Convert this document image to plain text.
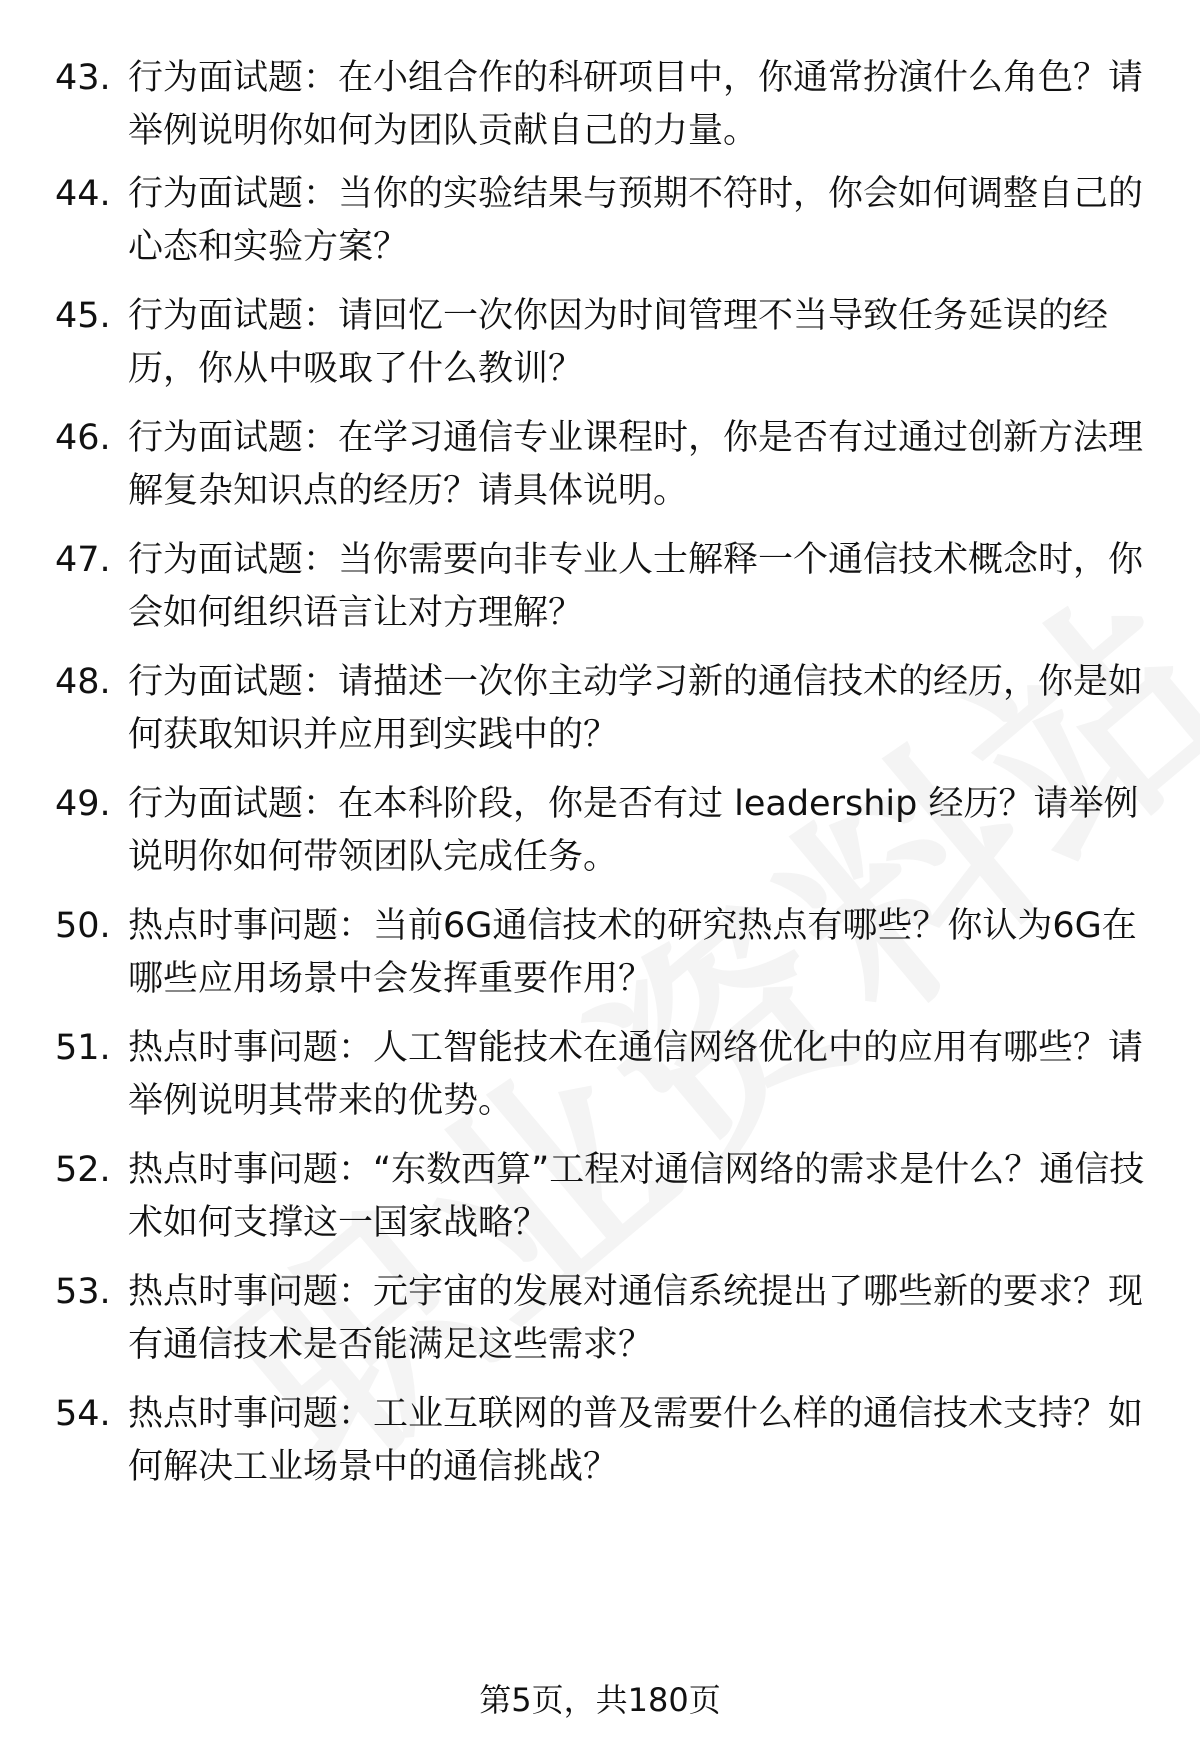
43. 行为面试题：在小组合作的科研项目中，你通常扮演什么角色？请举例说明你如何为团队贡献自己的力量。
44. 行为面试题：当你的实验结果与预期不符时，你会如何调整自己的心态和实验方案？
45. 行为面试题：请回忆一次你因为时间管理不当导致任务延误的经历，你从中吸取了什么教训？
46. 行为面试题：在学习通信专业课程时，你是否有过通过创新方法理解复杂知识点的经历？请具体说明。
47. 行为面试题：当你需要向非专业人士解释一个通信技术概念时，你会如何组织语言让对方理解？
48. 行为面试题：请描述一次你主动学习新的通信技术的经历，你是如何获取知识并应用到实践中的？
49. 行为面试题：在本科阶段，你是否有过 leadership 经历？请举例说明你如何带领团队完成任务。
50. 热点时事问题：当前6G通信技术的研究热点有哪些？你认为6G在哪些应用场景中会发挥重要作用？
51. 热点时事问题：人工智能技术在通信网络优化中的应用有哪些？请举例说明其带来的优势。
52. 热点时事问题：“东数西算”工程对通信网络的需求是什么？通信技术如何支撑这一国家战略？
53. 热点时事问题：元宇宙的发展对通信系统提出了哪些新的要求？现有通信技术是否能满足这些需求？
54. 热点时事问题：工业互联网的普及需要什么样的通信技术支持？如何解决工业场景中的通信挑战？
第5页，共180页
